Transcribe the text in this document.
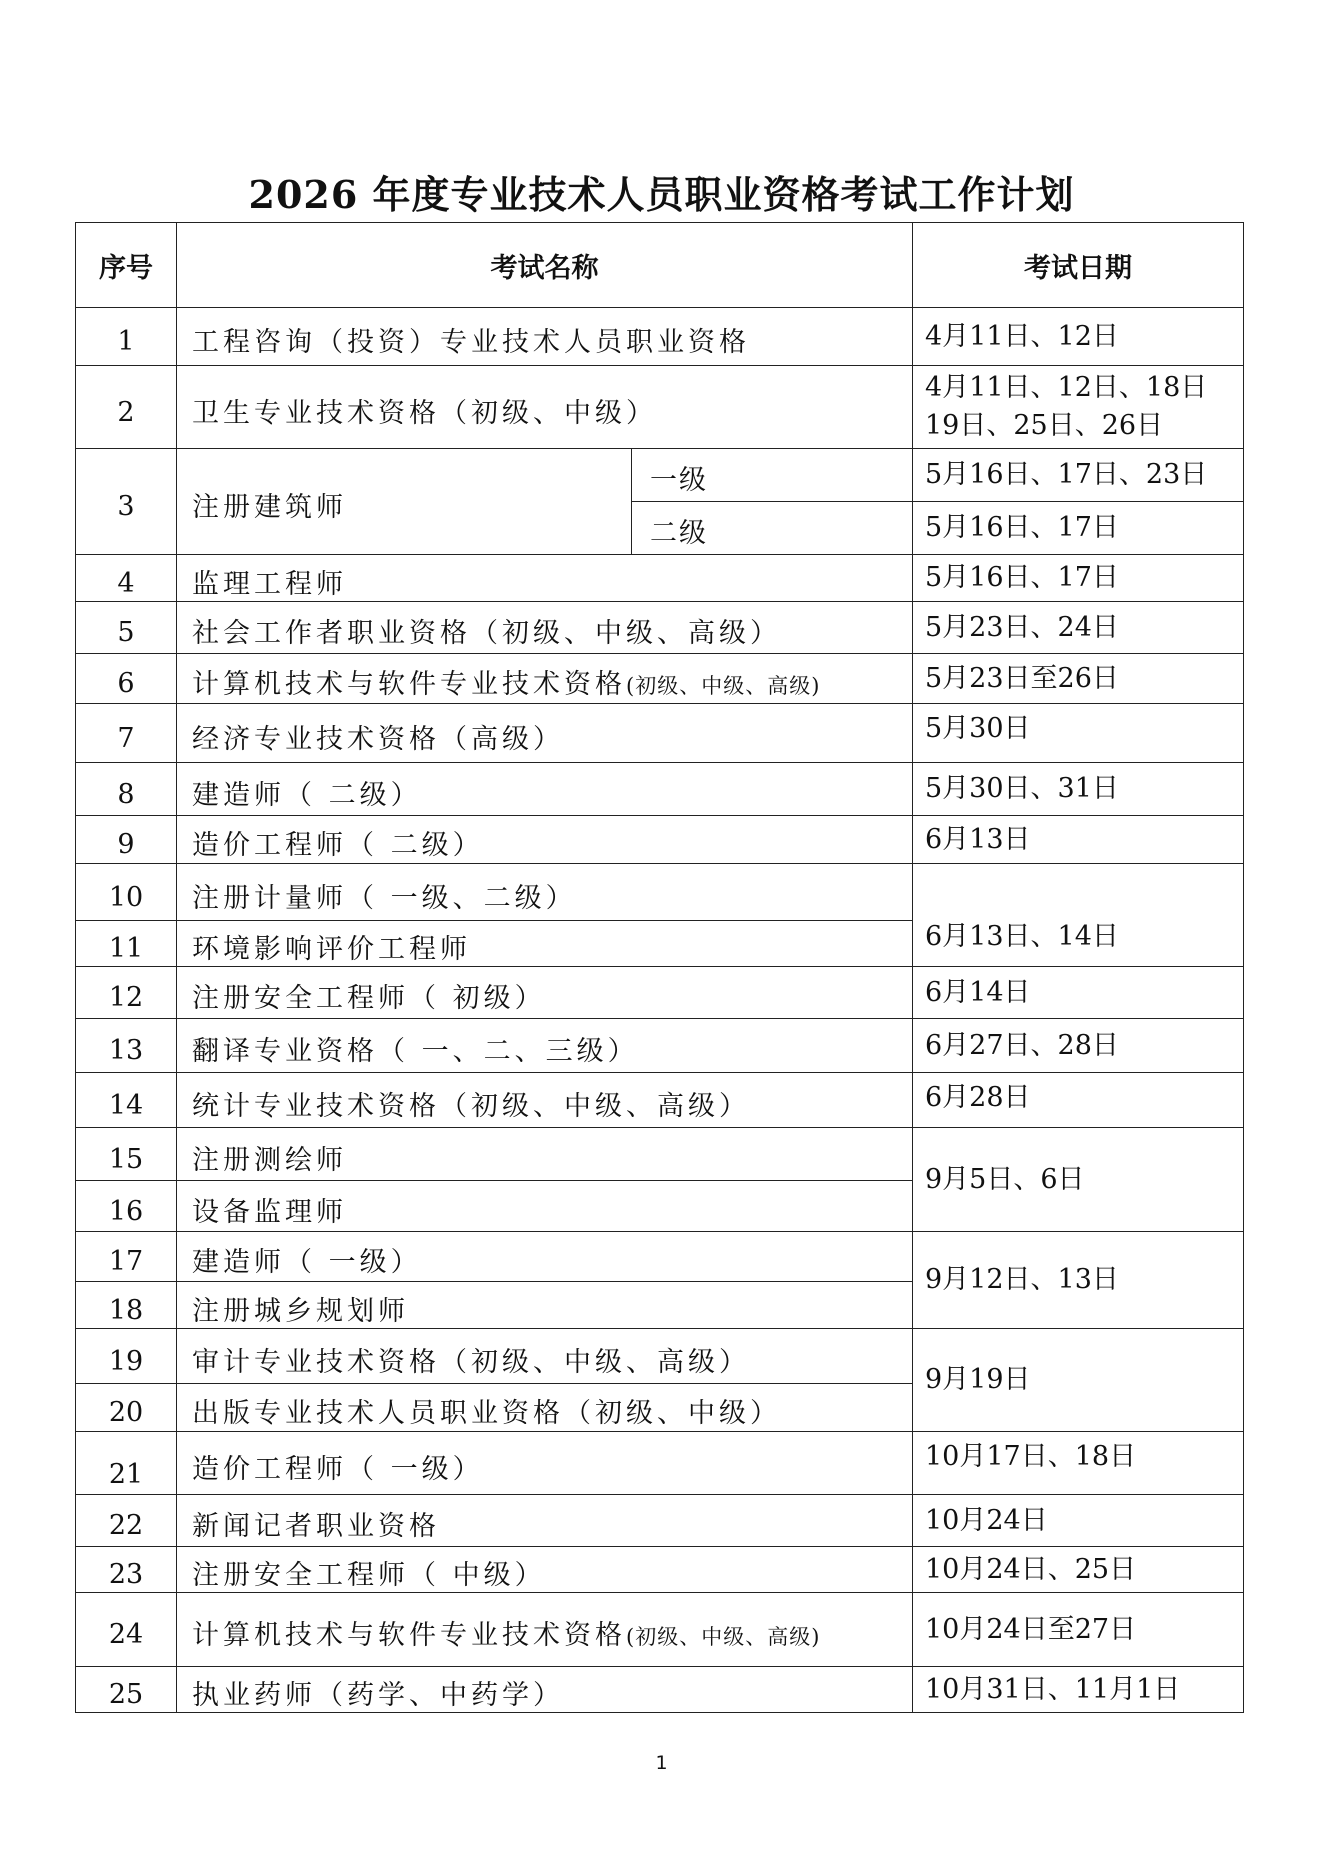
2026 年度专业技术人员职业资格考试工作计划
序号	考试名称		考试日期
1	工程咨询（投资）专业技术人员职业资格		4月11日、12日
2	卫生专业技术资格（初级、中级）		4月11日、12日、18日
19日、25日、26日

3	注册建筑师	一级	5月16日、17日、23日
		二级	5月16日、17日
4	监理工程师		5月16日、17日
5	社会工作者职业资格（初级、中级、高级）		5月23日、24日
6	计算机技术与软件专业技术资格(初级、中级、高级)		5月23日至26日
7	经济专业技术资格（高级）		5月30日
8	建造师（ 二级）		5月30日、31日
9	造价工程师（ 二级）		6月13日
10	注册计量师（ 一级、二级）		6月13日、14日
11	环境影响评价工程师		
12	注册安全工程师（ 初级）		6月14日
13	翻译专业资格（ 一、二、三级）		6月27日、28日
14	统计专业技术资格（初级、中级、高级）		6月28日
15	注册测绘师		9月5日、6日
16	设备监理师		
17	建造师（ 一级）		9月12日、13日
18	注册城乡规划师		
19	审计专业技术资格（初级、中级、高级）		9月19日
20	出版专业技术人员职业资格（初级、中级）		
21	造价工程师（ 一级）		10月17日、18日
22	新闻记者职业资格		10月24日
23	注册安全工程师（ 中级）		10月24日、25日
24	计算机技术与软件专业技术资格(初级、中级、高级)		10月24日至27日
25	执业药师（药学、中药学）		10月31日、11月1日
1
